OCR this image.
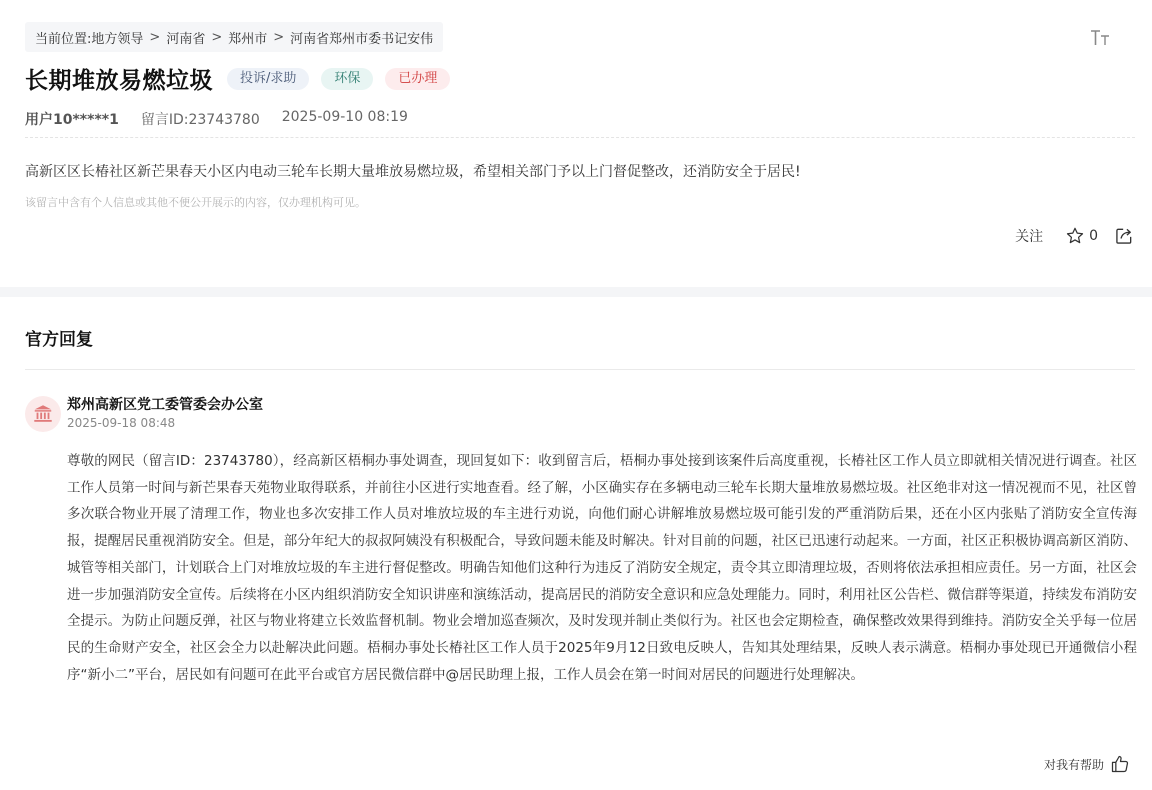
当前位置: 地方领导 > 河南省 > 郑州市 > 河南省郑州市委书记安伟
长期堆放易燃垃圾	投诉/求助	环保	已办理
用户10*****1 留言ID:23743780 2025-09-10 08:19
高新区区长椿社区新芒果春天小区内电动三轮车长期大量堆放易燃垃圾，希望相关部门予以上门督促整改，还消防安全于居民!
该留言中含有个人信息或其他不便公开展示的内容，仅办理机构可见。
关注	0
官方回复
郑州高新区党工委管委会办公室
2025-09-18 08:48
尊敬的网民（留言ID：23743780），经高新区梧桐办事处调查，现回复如下：收到留言后，梧桐办事处接到该案件后高度重视，长椿社区工作人员立即就相关情况进行调查。社区工作人员第一时间与新芒果春天苑物业取得联系，并前往小区进行实地查看。经了解，小区确实存在多辆电动三轮车长期大量堆放易燃垃圾。社区绝非对这一情况视而不见，社区曾多次联合物业开展了清理工作，物业也多次安排工作人员对堆放垃圾的车主进行劝说，向他们耐心讲解堆放易燃垃圾可能引发的严重消防后果，还在小区内张贴了消防安全宣传海报，提醒居民重视消防安全。但是，部分年纪大的叔叔阿姨没有积极配合，导致问题未能及时解决。针对目前的问题，社区已迅速行动起来。一方面，社区正积极协调高新区消防、城管等相关部门，计划联合上门对堆放垃圾的车主进行督促整改。明确告知他们这种行为违反了消防安全规定，责令其立即清理垃圾，否则将依法承担相应责任。另一方面，社区会进一步加强消防安全宣传。后续将在小区内组织消防安全知识讲座和演练活动，提高居民的消防安全意识和应急处理能力。同时，利用社区公告栏、微信群等渠道，持续发布消防安全提示。为防止问题反弹，社区与物业将建立长效监督机制。物业会增加巡查频次，及时发现并制止类似行为。社区也会定期检查，确保整改效果得到维持。消防安全关乎每一位居民的生命财产安全，社区会全力以赴解决此问题。梧桐办事处长椿社区工作人员于2025年9月12日致电反映人，告知其处理结果，反映人表示满意。梧桐办事处现已开通微信小程序“新小二”平台，居民如有问题可在此平台或官方居民微信群中@居民助理上报，工作人员会在第一时间对居民的问题进行处理解决。
对我有帮助
